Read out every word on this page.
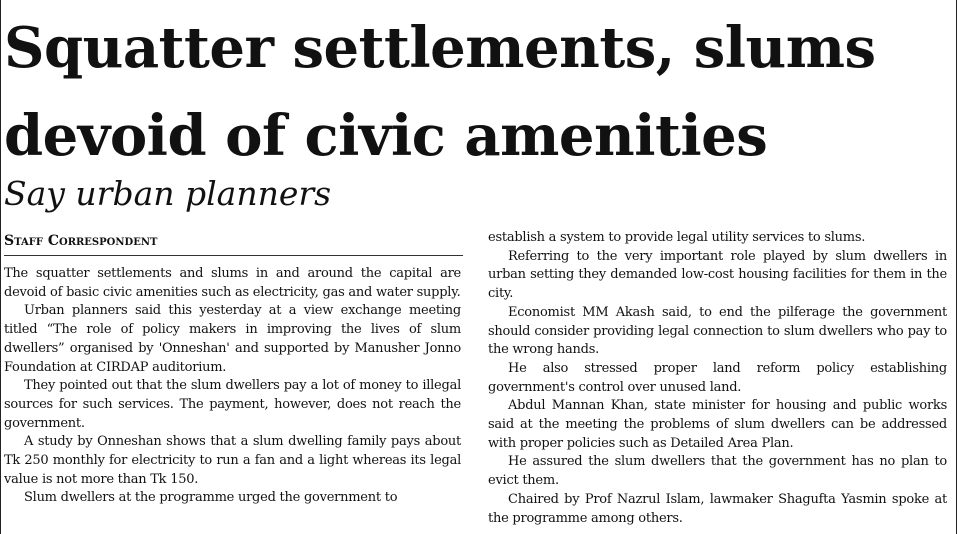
Squatter settlements, slums
devoid of civic amenities
Say urban planners
Staff Correspondent

The squatter settlements and slums in and around the capital are devoid of basic civic amenities such as electricity, gas and water supply.

Urban planners said this yesterday at a view exchange meeting titled “The role of policy makers in improving the lives of slum dwellers” organised by 'Onneshan' and supported by Manusher Jonno Foundation at CIRDAP auditorium.

They pointed out that the slum dwellers pay a lot of money to illegal sources for such services. The payment, however, does not reach the government.

A study by Onneshan shows that a slum dwelling family pays about Tk 250 monthly for electricity to run a fan and a light whereas its legal value is not more than Tk 150.

Slum dwellers at the programme urged the government to

establish a system to provide legal utility services to slums.

Referring to the very important role played by slum dwellers in urban setting they demanded low-cost housing facilities for them in the city.

Economist MM Akash said, to end the pilferage the government should consider providing legal connection to slum dwellers who pay to the wrong hands.

He also stressed proper land reform policy establishing government's control over unused land.

Abdul Mannan Khan, state minister for housing and public works said at the meeting the problems of slum dwellers can be addressed with proper policies such as Detailed Area Plan.

He assured the slum dwellers that the government has no plan to evict them.

Chaired by Prof Nazrul Islam, lawmaker Shagufta Yasmin spoke at the programme among others.
